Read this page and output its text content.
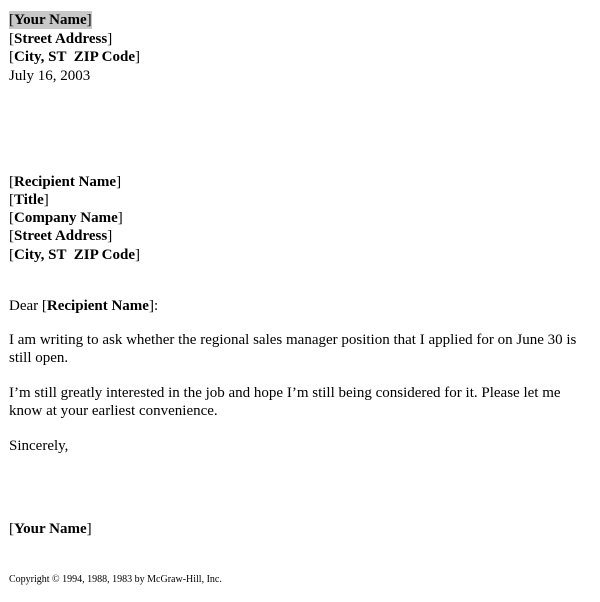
[Your Name]
[Street Address]
[City, ST  ZIP Code]
July 16, 2003
[Recipient Name]
[Title]
[Company Name]
[Street Address]
[City, ST  ZIP Code]
Dear [Recipient Name]:
I am writing to ask whether the regional sales manager position that I applied for on June 30 is still open.
I’m still greatly interested in the job and hope I’m still being considered for it. Please let me know at your earliest convenience.
Sincerely,
[Your Name]
Copyright © 1994, 1988, 1983 by McGraw-Hill, Inc.
